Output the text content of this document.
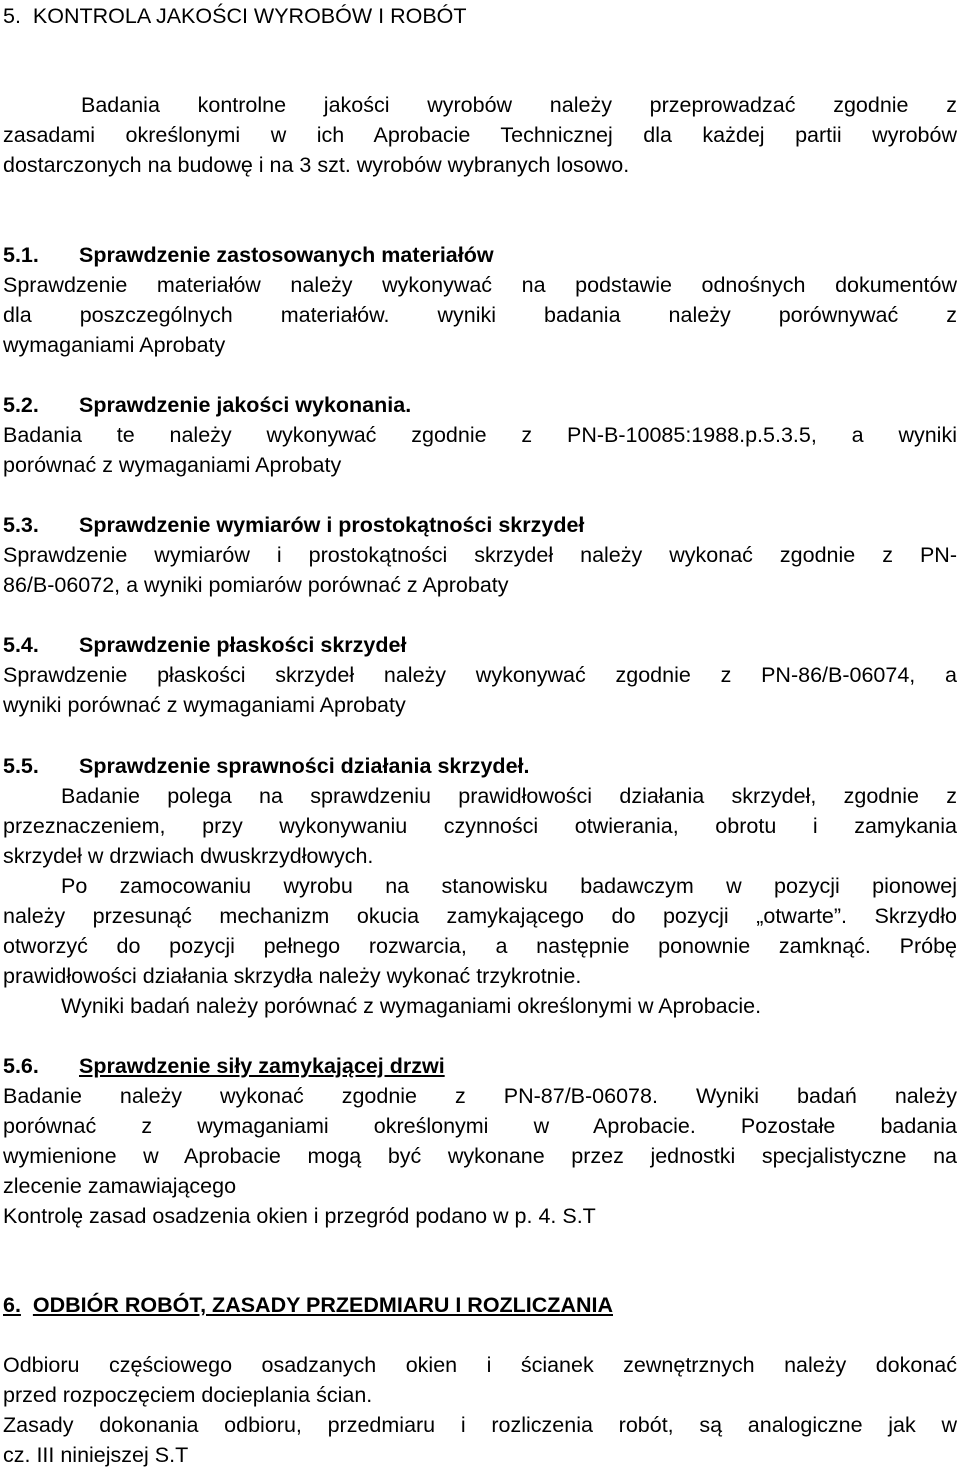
5. KONTROLA JAKOŚCI WYROBÓW I ROBÓT
Badania kontrolne jakości wyrobów należy przeprowadzać zgodnie z
zasadami określonymi w ich Aprobacie Technicznej dla każdej partii wyrobów
dostarczonych na budowę i na 3 szt. wyrobów wybranych losowo.
5.1. Sprawdzenie zastosowanych materiałów
Sprawdzenie materiałów należy wykonywać na podstawie odnośnych dokumentów
dla poszczególnych materiałów. wyniki badania należy porównywać z
wymaganiami Aprobaty
5.2. Sprawdzenie jakości wykonania.
Badania te należy wykonywać zgodnie z PN-B-10085:1988.p.5.3.5, a wyniki
porównać z wymaganiami Aprobaty
5.3. Sprawdzenie wymiarów i prostokątności skrzydeł
Sprawdzenie wymiarów i prostokątności skrzydeł należy wykonać zgodnie z PN-
86/B-06072, a wyniki pomiarów porównać z Aprobaty
5.4. Sprawdzenie płaskości skrzydeł
Sprawdzenie płaskości skrzydeł należy wykonywać zgodnie z PN-86/B-06074, a
wyniki porównać z wymaganiami Aprobaty
5.5. Sprawdzenie sprawności działania skrzydeł.
Badanie polega na sprawdzeniu prawidłowości działania skrzydeł, zgodnie z
przeznaczeniem, przy wykonywaniu czynności otwierania, obrotu i zamykania
skrzydeł w drzwiach dwuskrzydłowych.
Po zamocowaniu wyrobu na stanowisku badawczym w pozycji pionowej
należy przesunąć mechanizm okucia zamykającego do pozycji „otwarte”. Skrzydło
otworzyć do pozycji pełnego rozwarcia, a następnie ponownie zamknąć. Próbę
prawidłowości działania skrzydła należy wykonać trzykrotnie.
Wyniki badań należy porównać z wymaganiami określonymi w Aprobacie.
5.6. Sprawdzenie siły zamykającej drzwi
Badanie należy wykonać zgodnie z PN-87/B-06078. Wyniki badań należy
porównać z wymaganiami określonymi w Aprobacie. Pozostałe badania
wymienione w Aprobacie mogą być wykonane przez jednostki specjalistyczne na
zlecenie zamawiającego
Kontrolę zasad osadzenia okien i przegród podano w p. 4. S.T
6. ODBIÓR ROBÓT, ZASADY PRZEDMIARU I ROZLICZANIA
Odbioru częściowego osadzanych okien i ścianek zewnętrznych należy dokonać
przed rozpoczęciem docieplania ścian.
Zasady dokonania odbioru, przedmiaru i rozliczenia robót, są analogiczne jak w
cz. III niniejszej S.T
